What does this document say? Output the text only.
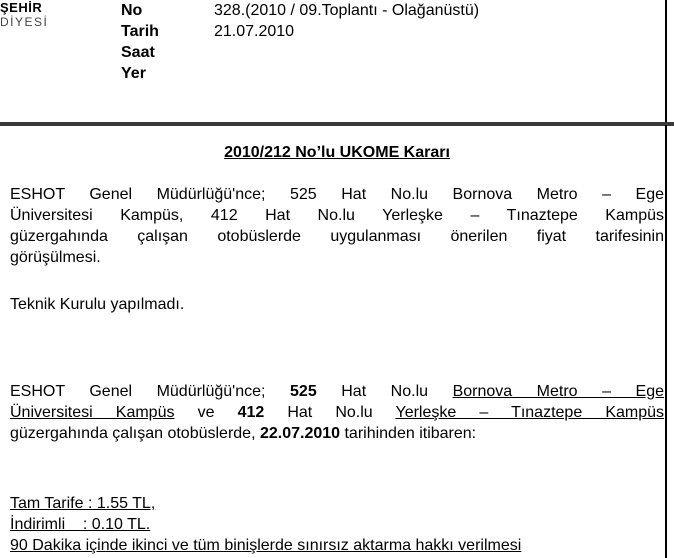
ŞEHİR
DİYESİ
No	328.(2010 / 09.Toplantı - Olağanüstü)
Tarih	21.07.2010
Saat
Yer
2010/212 No’lu UKOME Kararı
ESHOT Genel Müdürlüğü'nce; 525 Hat No.lu Bornova Metro – Ege
Üniversitesi Kampüs, 412 Hat No.lu Yerleşke – Tınaztepe Kampüs
güzergahında çalışan otobüslerde uygulanması önerilen fiyat tarifesinin
görüşülmesi.
Teknik Kurulu yapılmadı.
ESHOT Genel Müdürlüğü'nce; 525 Hat No.lu Bornova Metro – Ege
Üniversitesi Kampüs ve 412 Hat No.lu Yerleşke – Tınaztepe Kampüs
güzergahında çalışan otobüslerde, 22.07.2010 tarihinden itibaren:
Tam Tarife : 1.55 TL,
İndirimli    : 0.10 TL.
90 Dakika içinde ikinci ve tüm binişlerde sınırsız aktarma hakkı verilmesi
